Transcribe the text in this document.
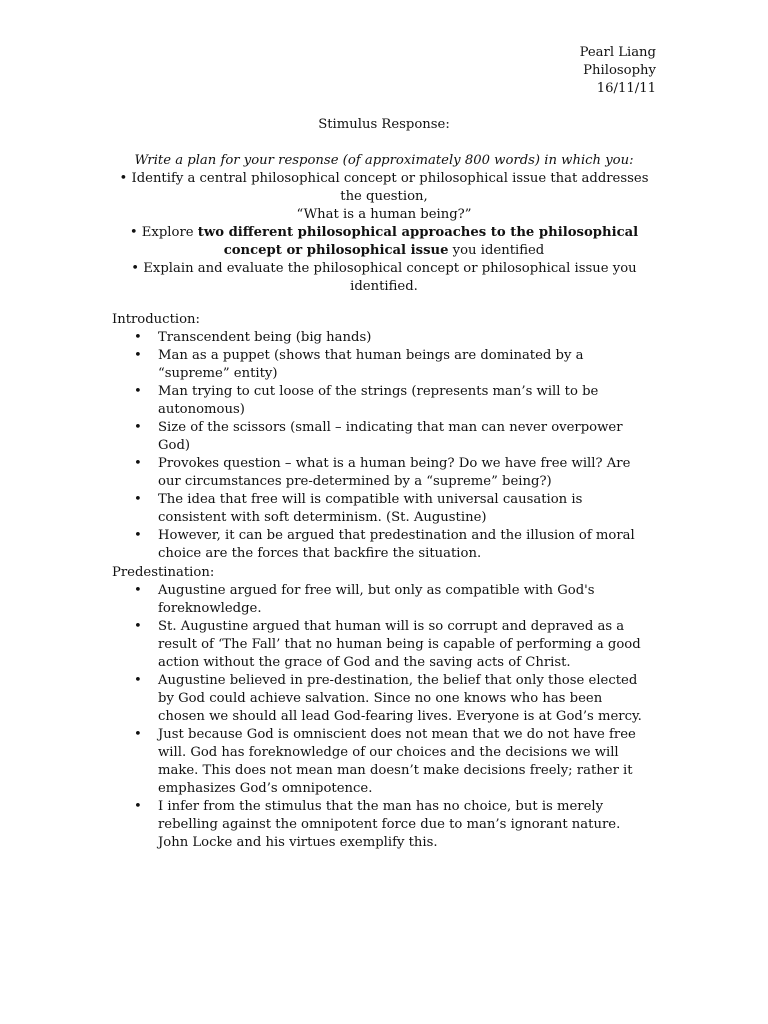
Pearl Liang
Philosophy
16/11/11
Stimulus Response:
Write a plan for your response (of approximately 800 words) in which you:
• Identify a central philosophical concept or philosophical issue that addresses the question,
“What is a human being?”
• Explore two different philosophical approaches to the philosophical concept or philosophical issue you identified
• Explain and evaluate the philosophical concept or philosophical issue you identified.
Introduction:
• Transcendent being (big hands)
• Man as a puppet (shows that human beings are dominated by a “supreme” entity)
• Man trying to cut loose of the strings (represents man’s will to be autonomous)
• Size of the scissors (small – indicating that man can never overpower God)
• Provokes question – what is a human being? Do we have free will? Are our circumstances pre-determined by a “supreme” being?)
• The idea that free will is compatible with universal causation is consistent with soft determinism. (St. Augustine)
• However, it can be argued that predestination and the illusion of moral choice are the forces that backfire the situation.
Predestination:
• Augustine argued for free will, but only as compatible with God's foreknowledge.
• St. Augustine argued that human will is so corrupt and depraved as a result of ‘The Fall’ that no human being is capable of performing a good action without the grace of God and the saving acts of Christ.
• Augustine believed in pre-destination, the belief that only those elected by God could achieve salvation. Since no one knows who has been chosen we should all lead God-fearing lives. Everyone is at God’s mercy.
• Just because God is omniscient does not mean that we do not have free will. God has foreknowledge of our choices and the decisions we will make. This does not mean man doesn’t make decisions freely; rather it emphasizes God’s omnipotence.
• I infer from the stimulus that the man has no choice, but is merely rebelling against the omnipotent force due to man’s ignorant nature. John Locke and his virtues exemplify this.
